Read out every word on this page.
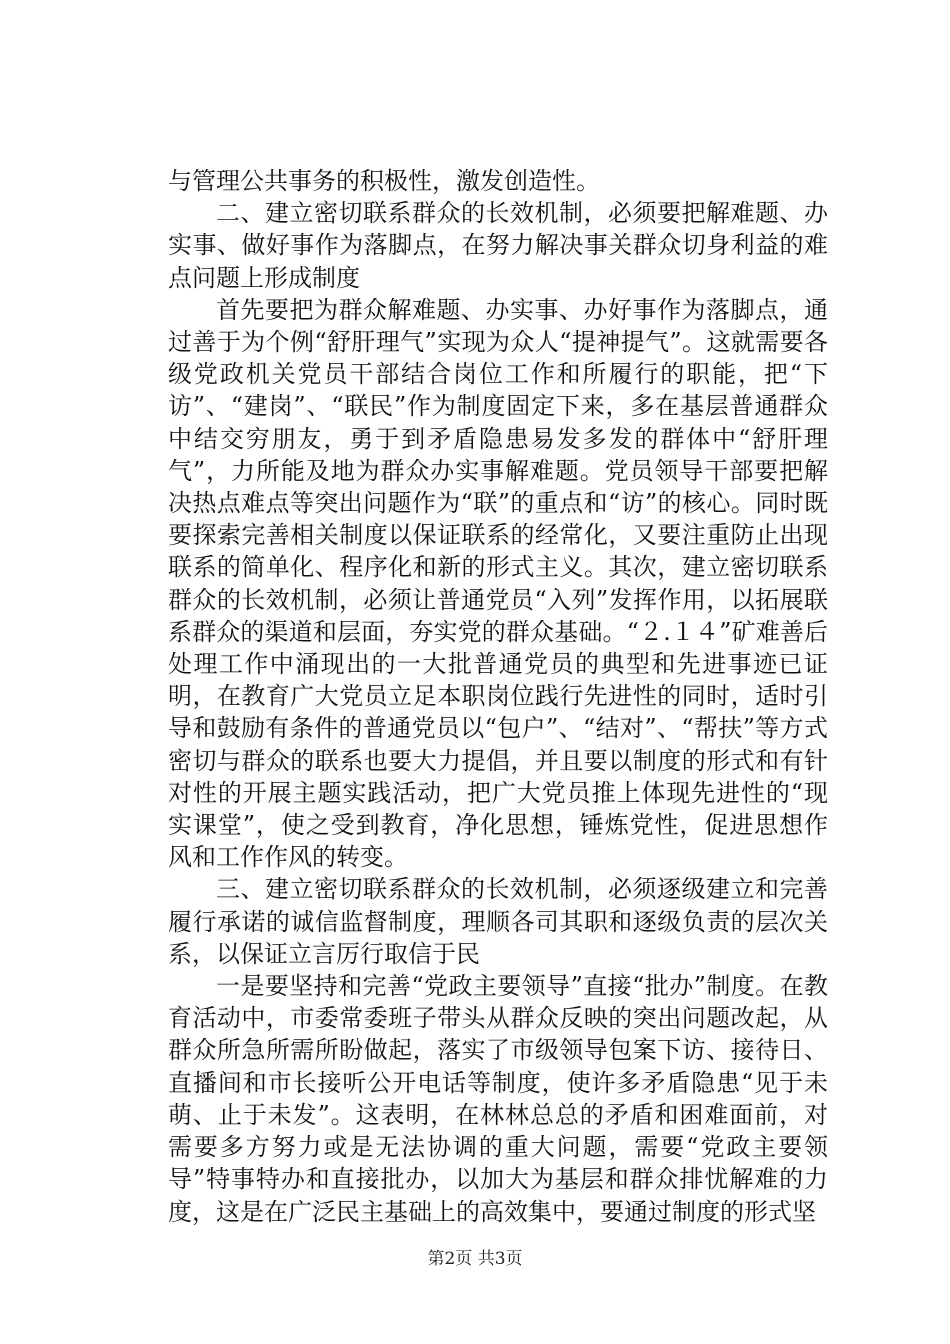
与管理公共事务的积极性，激发创造性。

二、建立密切联系群众的长效机制，必须要把解难题、办实事、做好事作为落脚点，在努力解决事关群众切身利益的难点问题上形成制度

首先要把为群众解难题、办实事、办好事作为落脚点，通过善于为个例“舒肝理气”实现为众人“提神提气”。这就需要各级党政机关党员干部结合岗位工作和所履行的职能，把“下访”、“建岗”、“联民”作为制度固定下来，多在基层普通群众中结交穷朋友，勇于到矛盾隐患易发多发的群体中“舒肝理气”，力所能及地为群众办实事解难题。党员领导干部要把解决热点难点等突出问题作为“联”的重点和“访”的核心。同时既要探索完善相关制度以保证联系的经常化，又要注重防止出现联系的简单化、程序化和新的形式主义。其次，建立密切联系群众的长效机制，必须让普通党员“入列”发挥作用，以拓展联系群众的渠道和层面，夯实党的群众基础。“２.１４”矿难善后处理工作中涌现出的一大批普通党员的典型和先进事迹已证明，在教育广大党员立足本职岗位践行先进性的同时，适时引导和鼓励有条件的普通党员以“包户”、“结对”、“帮扶”等方式密切与群众的联系也要大力提倡，并且要以制度的形式和有针对性的开展主题实践活动，把广大党员推上体现先进性的“现实课堂”，使之受到教育，净化思想，锤炼党性，促进思想作风和工作作风的转变。

三、建立密切联系群众的长效机制，必须逐级建立和完善履行承诺的诚信监督制度，理顺各司其职和逐级负责的层次关系，以保证立言厉行取信于民

一是要坚持和完善“党政主要领导”直接“批办”制度。在教育活动中，市委常委班子带头从群众反映的突出问题改起，从群众所急所需所盼做起，落实了市级领导包案下访、接待日、直播间和市长接听公开电话等制度，使许多矛盾隐患“见于未萌、止于未发”。这表明，在林林总总的矛盾和困难面前，对需要多方努力或是无法协调的重大问题，需要“党政主要领导”特事特办和直接批办，以加大为基层和群众排忧解难的力度，这是在广泛民主基础上的高效集中，要通过制度的形式坚

第2页 共3页
